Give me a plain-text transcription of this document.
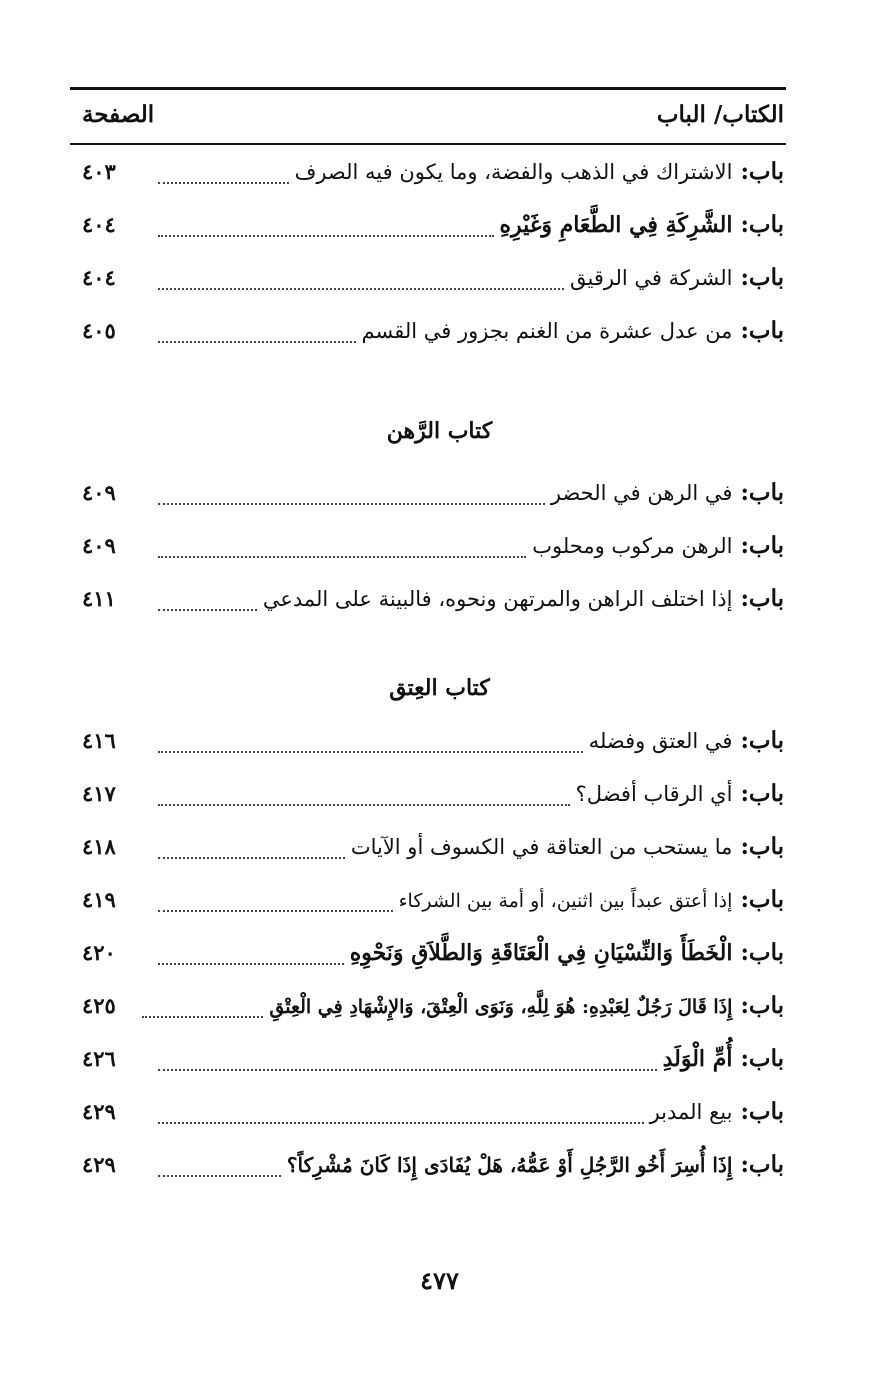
الكتاب/ الباب
الصفحة
باب:
الاشتراك في الذهب والفضة، وما يكون فيه الصرف
٤٠٣
باب:
الشَّرِكَةِ فِي الطَّعَامِ وَغَيْرِهِ
٤٠٤
باب:
الشركة في الرقيق
٤٠٤
باب:
من عدل عشرة من الغنم بجزور في القسم
٤٠٥
كتاب الرَّهن
باب:
في الرهن في الحضر
٤٠٩
باب:
الرهن مركوب ومحلوب
٤٠٩
باب:
إذا اختلف الراهن والمرتهن ونحوه، فالبينة على المدعي
٤١١
كتاب العِتق
باب:
في العتق وفضله
٤١٦
باب:
أي الرقاب أفضل؟
٤١٧
باب:
ما يستحب من العتاقة في الكسوف أو الآيات
٤١٨
باب:
إذا أعتق عبداً بين اثنين، أو أمة بين الشركاء
٤١٩
باب:
الْخَطَأَ وَالنِّسْيَانِ فِي الْعَتَاقَةِ وَالطَّلاَقِ وَنَحْوِهِ
٤٢٠
باب:
إِذَا قَالَ رَجُلٌ لِعَبْدِهِ: هُوَ لِلَّهِ، وَنَوَى الْعِتْقَ، وَالإِشْهَادِ فِي الْعِتْقِ
٤٢٥
باب:
أُمِّ الْوَلَدِ
٤٢٦
باب:
بيع المدبر
٤٢٩
باب:
إِذَا أُسِرَ أَخُو الرَّجُلِ أَوْ عَمُّهُ، هَلْ يُفَادَى إِذَا كَانَ مُشْرِكاً؟
٤٢٩
٤٧٧
